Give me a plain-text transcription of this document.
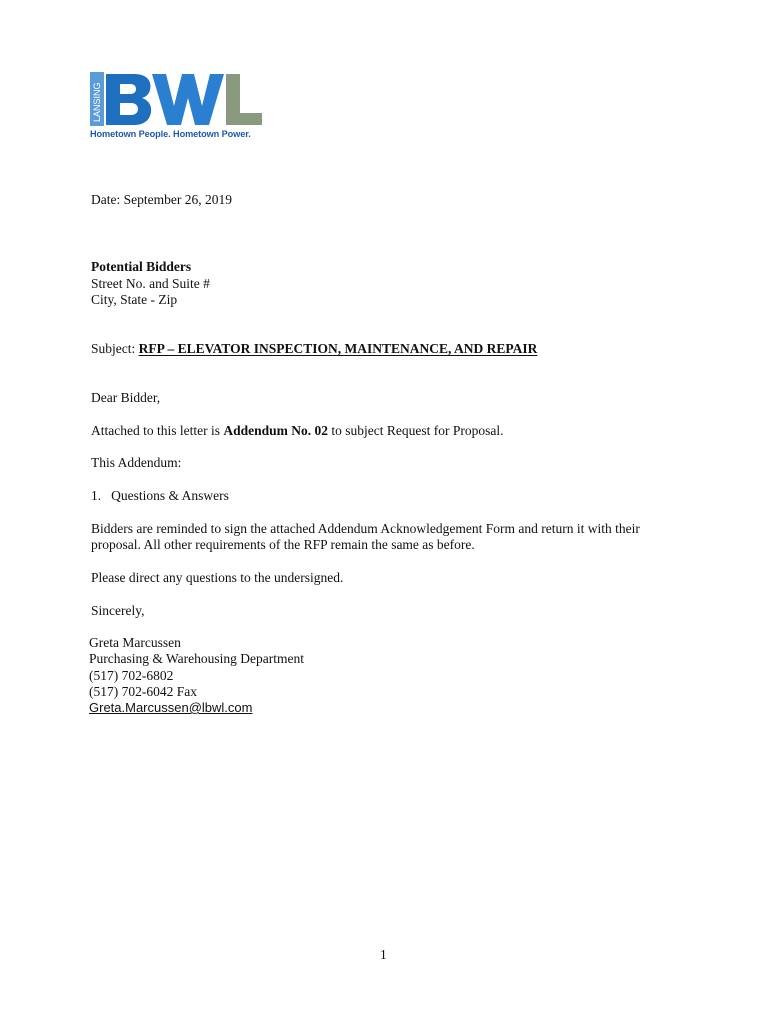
LANSING
Hometown People. Hometown Power.
Date: September 26, 2019
Potential Bidders
Street No. and Suite #
City, State - Zip
Subject: RFP – ELEVATOR INSPECTION, MAINTENANCE, AND REPAIR
Dear Bidder,
Attached to this letter is Addendum No. 02 to subject Request for Proposal.
This Addendum:
1. Questions & Answers
Bidders are reminded to sign the attached Addendum Acknowledgement Form and return it with their
proposal. All other requirements of the RFP remain the same as before.
Please direct any questions to the undersigned.
Sincerely,
Greta Marcussen
Purchasing & Warehousing Department
(517) 702-6802
(517) 702-6042 Fax
Greta.Marcussen@lbwl.com
1
